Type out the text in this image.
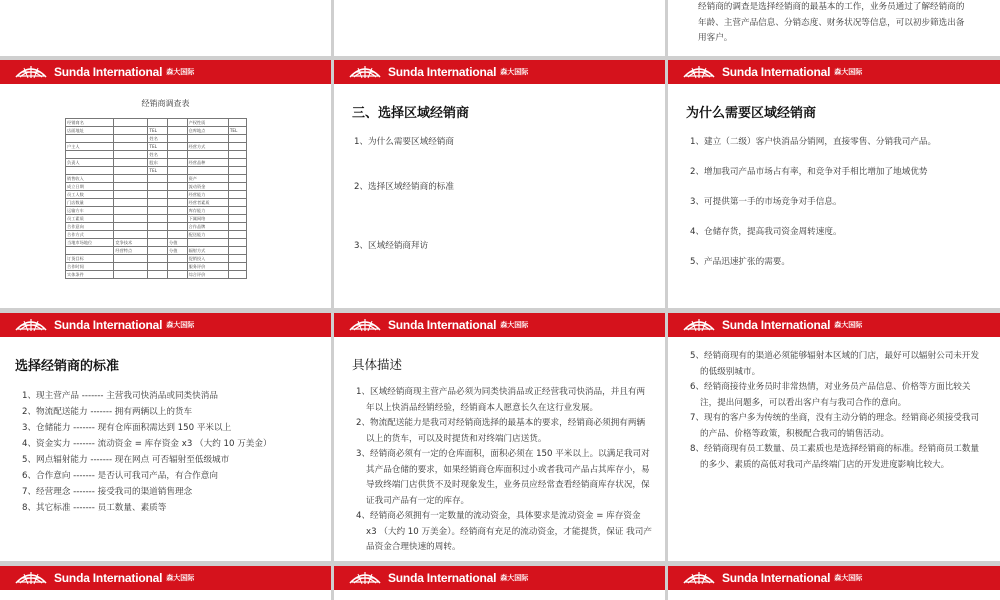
经销商的调查是选择经销商的最基本的工作，业务员通过了解经销商的年龄、主营产品信息、分销态度、财务状况等信息，可以初步筛选出备用客户。
Sunda International 森大国际
经销商调查表
经销商名				产权性质	
店面地址		TEL		仓库地点	TEL
		姓名			
户主人		TEL		经营方式	
		姓名			
负责人		股东		经营品种	
		TEL			
销售收入				资产	
成立日期				流动资金	
员工人数				经营能力	
门店数量				经营者素质	
运输方车				库存能力	
员工素质				下属网络	
合作意向				合作品牌	
合作方式				配送能力	
当地市场地位	竞争技术		分值		
	经营特点		分值	辐射方式	
订货目标				促销投入	
合作时间				服务评价	
实体条件				综合评价	
Sunda International 森大国际
三、选择区域经销商
1、为什么需要区域经销商
2、选择区域经销商的标准
3、区域经销商拜访
Sunda International 森大国际
为什么需要区域经销商
1、建立（二级）客户快消品分销网，直接零售、分销我司产品。
2、增加我司产品市场占有率，和竞争对手相比增加了地域优势
3、可提供第一手的市场竞争对手信息。
4、仓储存货，提高我司资金周转速度。
5、产品迅速扩张的需要。
Sunda International 森大国际
选择经销商的标准
1、现主营产品 ------- 主营我司快消品或同类快消品
2、物流配送能力 ------- 拥有两辆以上的货车
3、仓储能力 ------- 现有仓库面积需达到 150 平米以上
4、资金实力 ------- 流动资金 = 库存资金 x3 （大约 10 万美金）
5、网点辐射能力 ------- 现在网点 可否辐射至低级城市
6、合作意向 ------- 是否认可我司产品，有合作意向
7、经营理念 ------- 接受我司的渠道销售理念
8、其它标准 ------- 员工数量、素质等
Sunda International 森大国际
具体描述
1、区域经销商现主营产品必须为同类快消品或正经营我司快消品，并且有两年以上快消品经销经验，经销商本人愿意长久在这行业发展。
2、物流配送能力是我司对经销商选择的最基本的要求，经销商必须拥有两辆以上的货车，可以及时提货和对终端门店送货。
3、经销商必须有一定的仓库面积，面积必须在 150 平米以上。以满足我司对其产品仓储的要求，如果经销商仓库面积过小或者我司产品占其库存小，易导致终端门店供货不及时现象发生，业务员应经常查看经销商库存状况，保证我司产品有一定的库存。
4、经销商必须拥有一定数量的流动资金，具体要求是流动资金 = 库存资金 x3 （大约 10 万美金）。经销商有充足的流动资金，才能提货，保证 我司产品资金合理快速的周转。
Sunda International 森大国际
5、经销商现有的渠道必须能够辐射本区域的门店，最好可以辐射公司未开发的低级别城市。
6、经销商接待业务员时非常热情，对业务员产品信息、价格等方面比较关注，提出问题多，可以看出客户有与我司合作的意向。
7、现有的客户多为传统的坐商，没有主动分销的理念。经销商必须接受我司的产品、价格等政策，积极配合我司的销售活动。
8、经销商现有员工数量、员工素质也是选择经销商的标准。经销商员工数量的多少、素质的高低对我司产品终端门店的开发进度影响比较大。
Sunda International 森大国际	Sunda International 森大国际	Sunda International 森大国际
